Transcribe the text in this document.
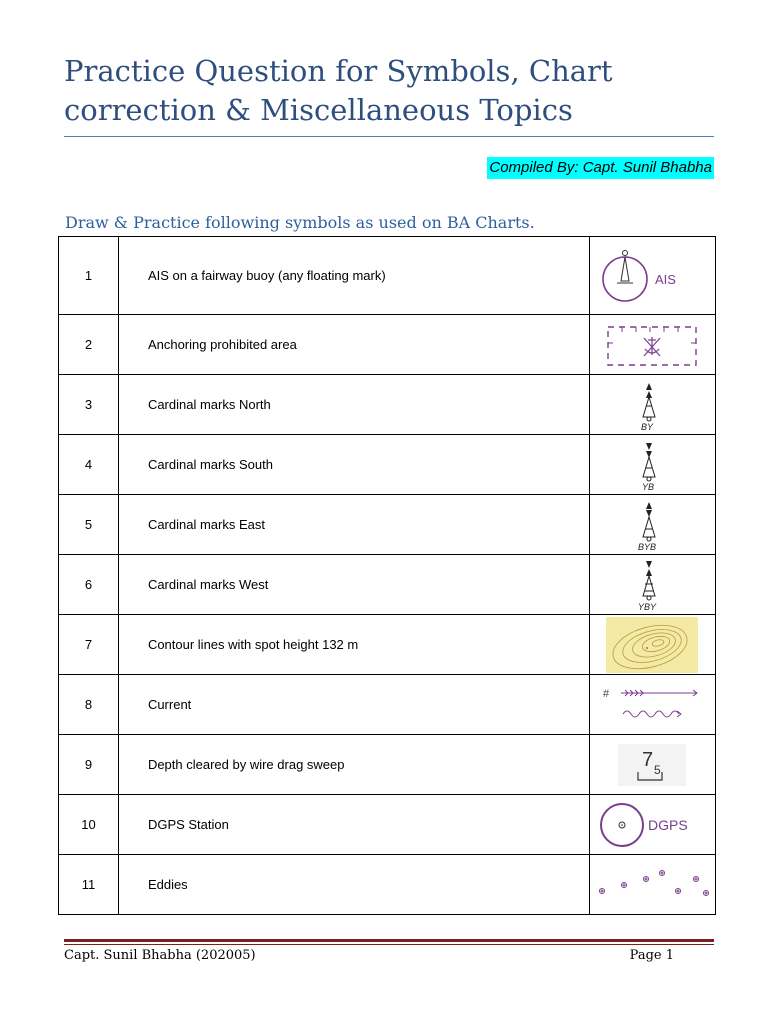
Practice Question for Symbols, Chart correction & Miscellaneous Topics
Compiled By: Capt. Sunil Bhabha
Draw & Practice following symbols as used on BA Charts.
1	AIS on a fairway buoy (any floating mark)	AIS

2	Anchoring prohibited area	

3	Cardinal marks North	BY

4	Cardinal marks South	YB

5	Cardinal marks East	BYB

6	Cardinal marks West	YBY

7	Contour lines with spot height 132 m	

8	Current	#

9	Depth cleared by wire drag sweep	7 5

10	DGPS Station	DGPS

11	Eddies	
Capt. Sunil Bhabha (202005)	Page 1
